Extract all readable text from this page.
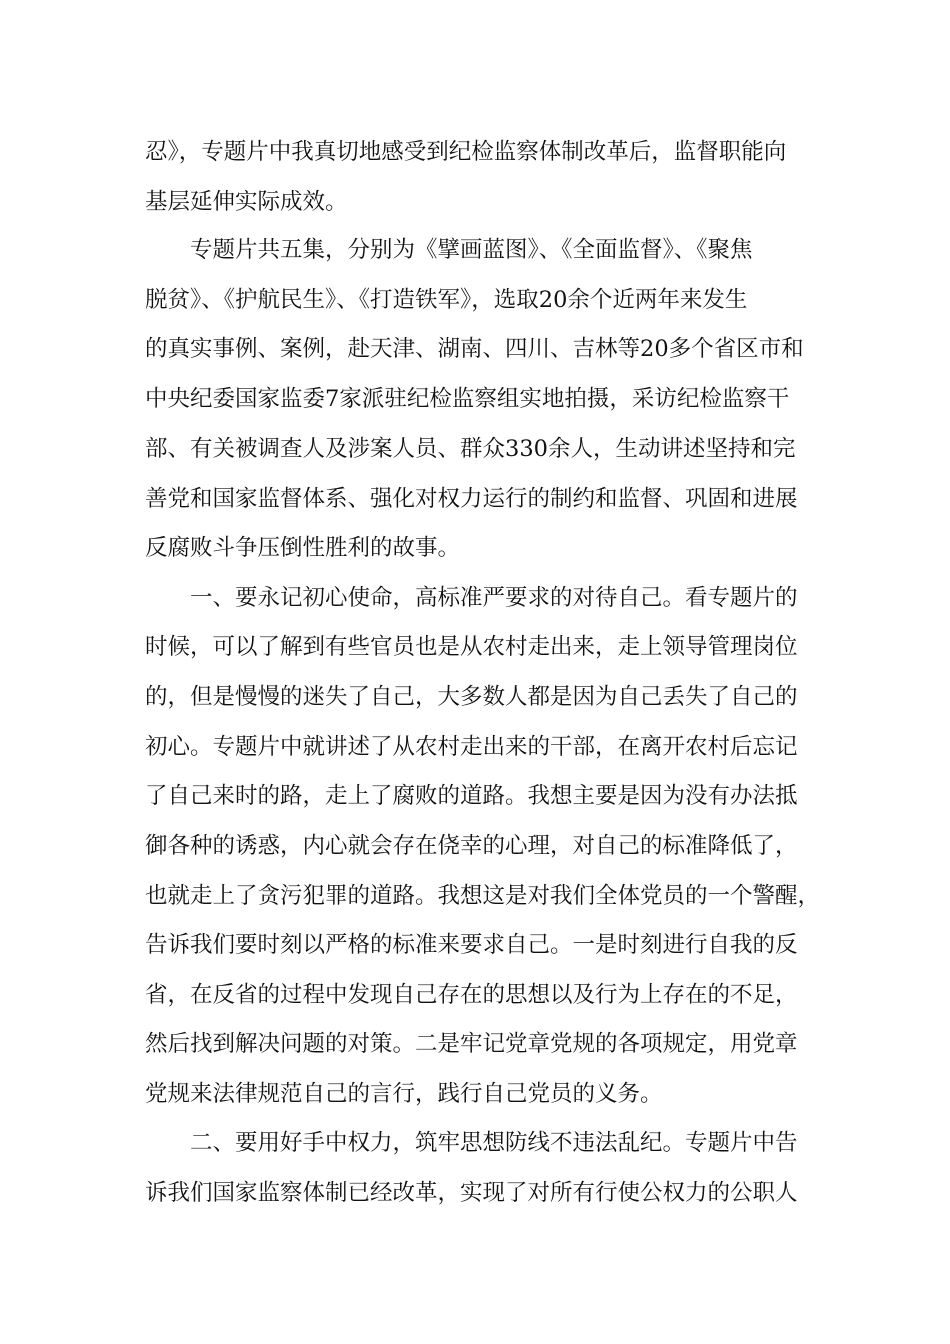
忍》，专题片中我真切地感受到纪检监察体制改革后，监督职能向
基层延伸实际成效。
专题片共五集，分别为《擘画蓝图》、《全面监督》、《聚焦
脱贫》、《护航民生》、《打造铁军》，选取20余个近两年来发生
的真实事例、案例，赴天津、湖南、四川、吉林等20多个省区市和
中央纪委国家监委7家派驻纪检监察组实地拍摄，采访纪检监察干
部、有关被调查人及涉案人员、群众330余人，生动讲述坚持和完
善党和国家监督体系、强化对权力运行的制约和监督、巩固和进展
反腐败斗争压倒性胜利的故事。
一、要永记初心使命，高标准严要求的对待自己。看专题片的
时候，可以了解到有些官员也是从农村走出来，走上领导管理岗位
的，但是慢慢的迷失了自己，大多数人都是因为自己丢失了自己的
初心。专题片中就讲述了从农村走出来的干部，在离开农村后忘记
了自己来时的路，走上了腐败的道路。我想主要是因为没有办法抵
御各种的诱惑，内心就会存在侥幸的心理，对自己的标准降低了，
也就走上了贪污犯罪的道路。我想这是对我们全体党员的一个警醒，
告诉我们要时刻以严格的标准来要求自己。一是时刻进行自我的反
省，在反省的过程中发现自己存在的思想以及行为上存在的不足，
然后找到解决问题的对策。二是牢记党章党规的各项规定，用党章
党规来法律规范自己的言行，践行自己党员的义务。
二、要用好手中权力，筑牢思想防线不违法乱纪。专题片中告
诉我们国家监察体制已经改革，实现了对所有行使公权力的公职人
